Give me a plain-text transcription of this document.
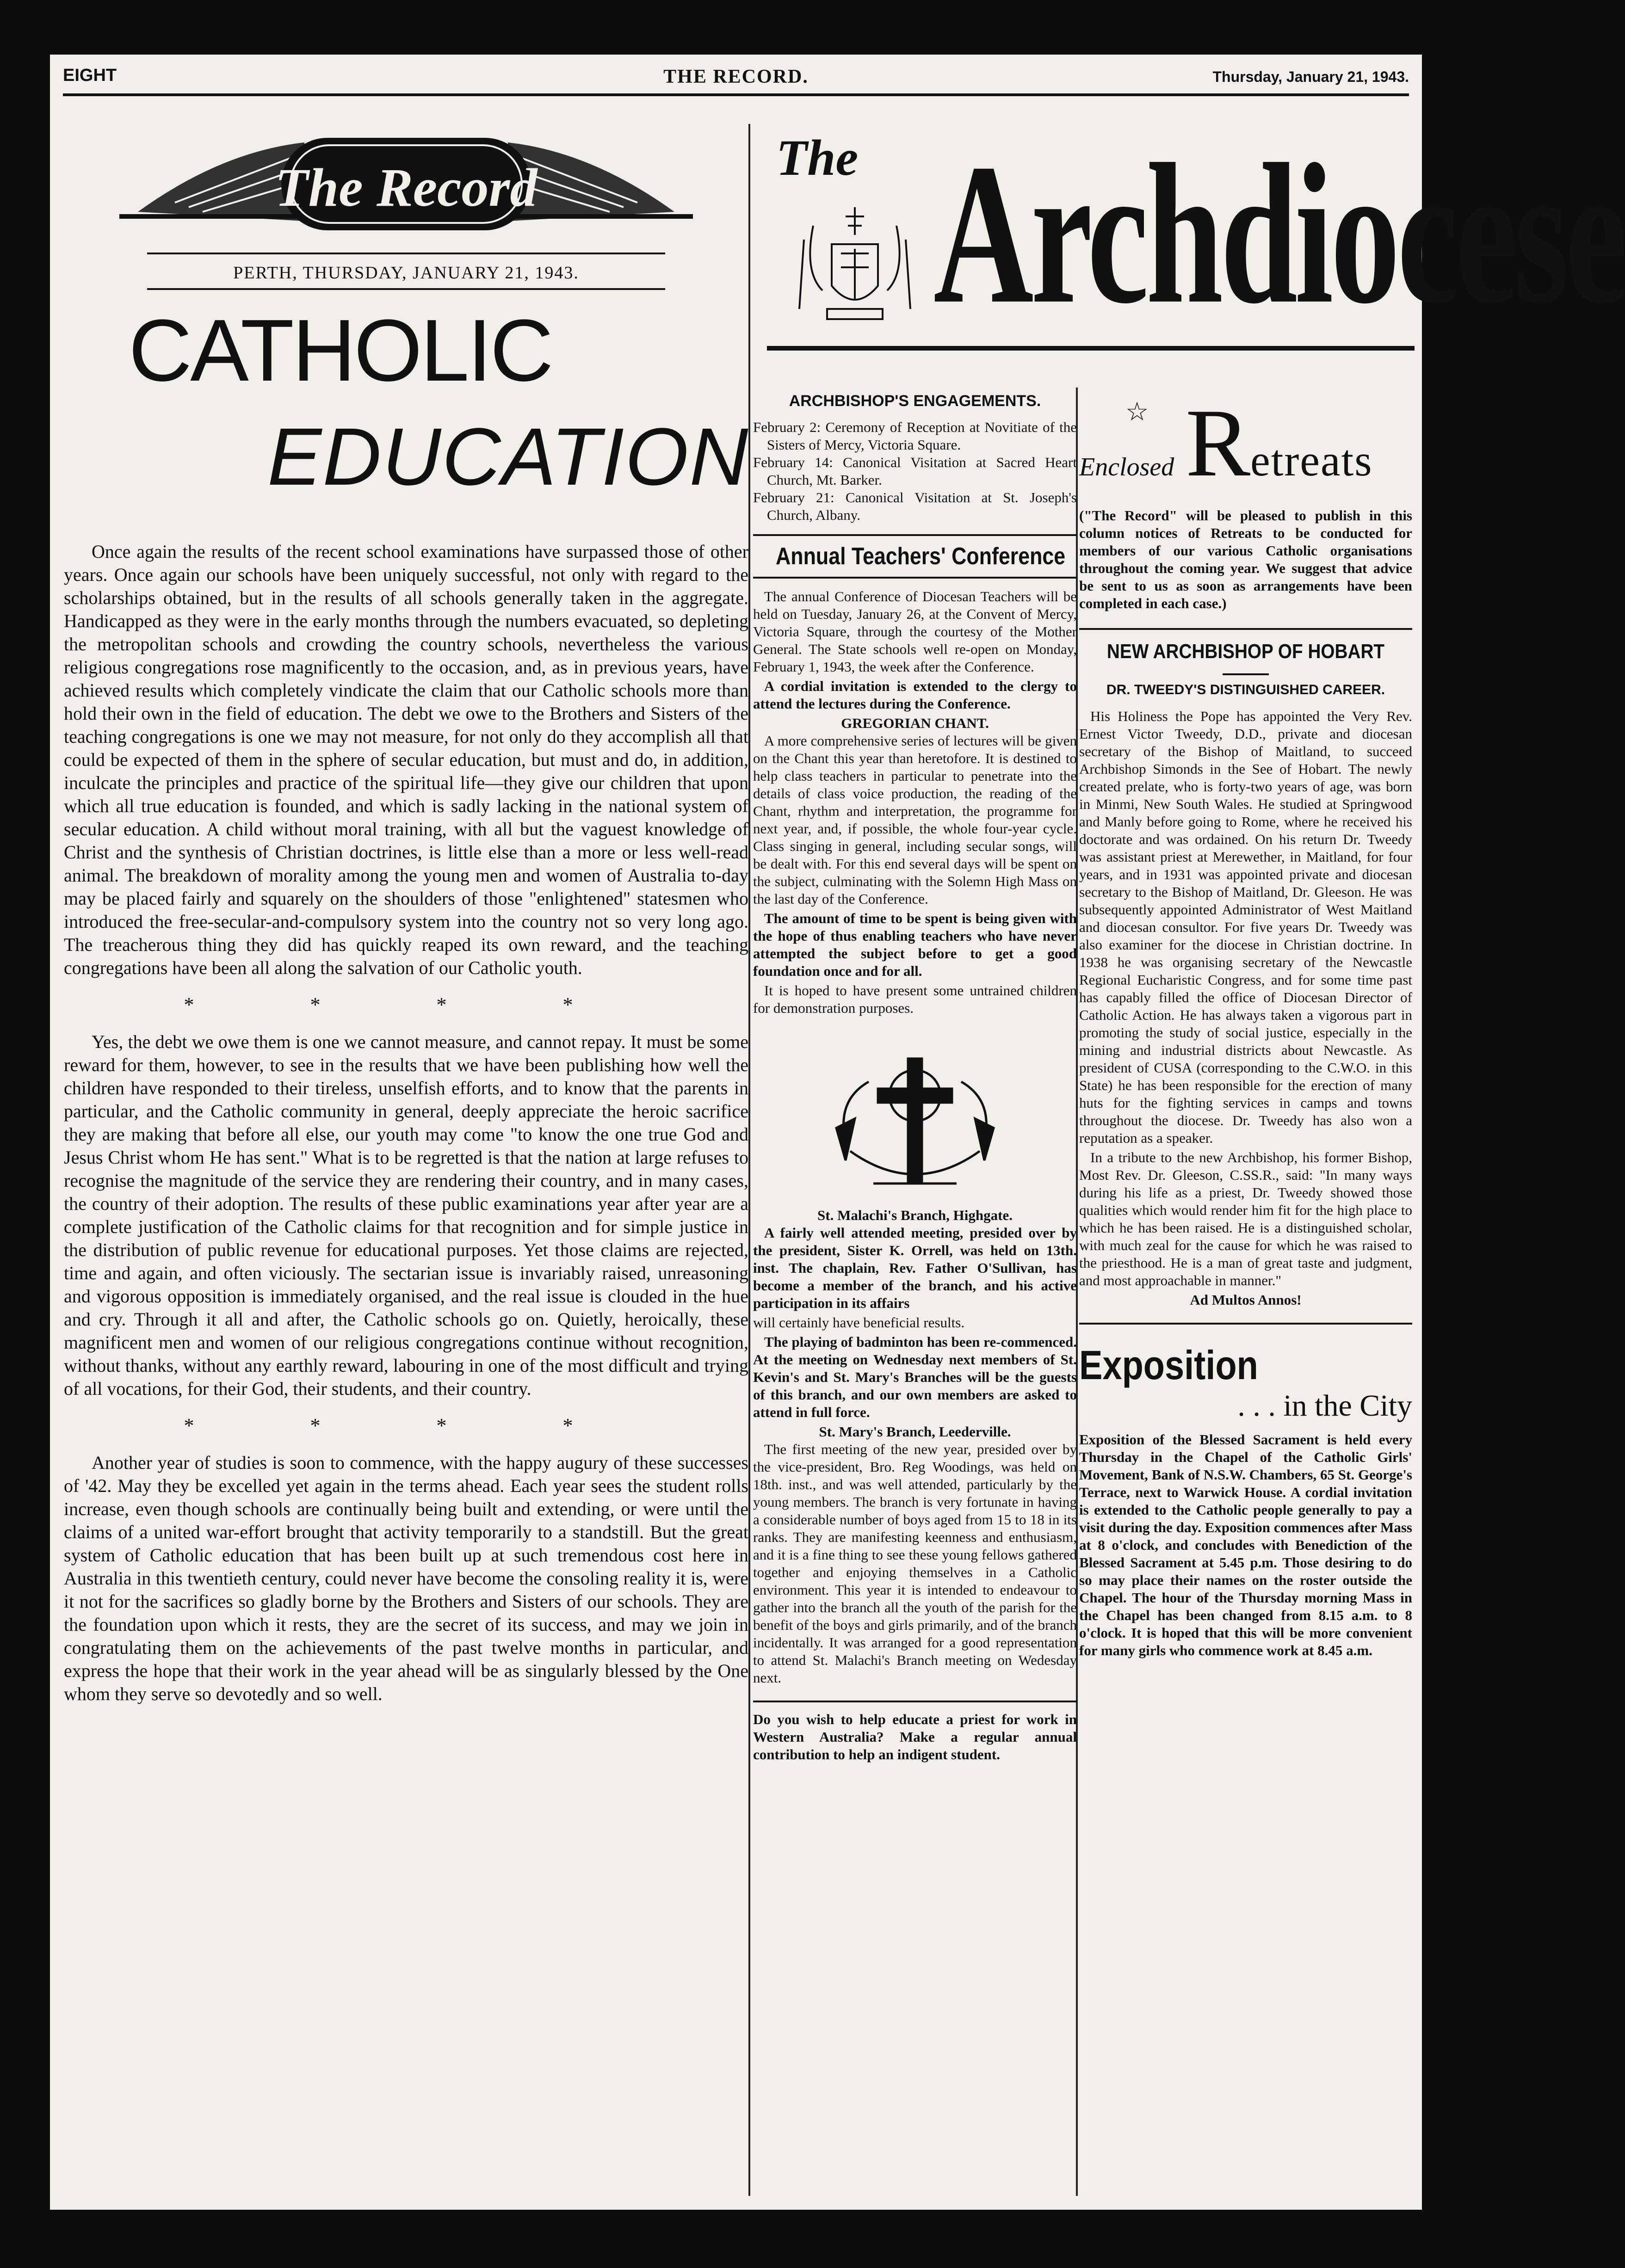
EIGHT	THE RECORD.	Thursday, January 21, 1943.
The Record
PERTH, THURSDAY, JANUARY 21, 1943.
CATHOLIC
EDUCATION

Once again the results of the recent school examinations have surpassed those of other years. Once again our schools have been uniquely successful, not only with regard to the scholarships obtained, but in the results of all schools generally taken in the aggregate. Handicapped as they were in the early months through the numbers evacuated, so depleting the metropolitan schools and crowding the country schools, nevertheless the various religious congregations rose magnificently to the occasion, and, as in previous years, have achieved results which completely vindicate the claim that our Catholic schools more than hold their own in the field of education. The debt we owe to the Brothers and Sisters of the teaching congregations is one we may not measure, for not only do they accomplish all that could be expected of them in the sphere of secular education, but must and do, in addition, inculcate the principles and practice of the spiritual life—they give our children that upon which all true education is founded, and which is sadly lacking in the national system of secular education. A child without moral training, with all but the vaguest knowledge of Christ and the synthesis of Christian doctrines, is little else than a more or less well-read animal. The breakdown of morality among the young men and women of Australia to-day may be placed fairly and squarely on the shoulders of those "enlightened" statesmen who introduced the free-secular-and-compulsory system into the country not so very long ago. The treacherous thing they did has quickly reaped its own reward, and the teaching congregations have been all along the salvation of our Catholic youth.

* * * *

Yes, the debt we owe them is one we cannot measure, and cannot repay. It must be some reward for them, however, to see in the results that we have been publishing how well the children have responded to their tireless, unselfish efforts, and to know that the parents in particular, and the Catholic community in general, deeply appreciate the heroic sacrifice they are making that before all else, our youth may come "to know the one true God and Jesus Christ whom He has sent." What is to be regretted is that the nation at large refuses to recognise the magnitude of the service they are rendering their country, and in many cases, the country of their adoption. The results of these public examinations year after year are a complete justification of the Catholic claims for that recognition and for simple justice in the distribution of public revenue for educational purposes. Yet those claims are rejected, time and again, and often viciously. The sectarian issue is invariably raised, unreasoning and vigorous opposition is immediately organised, and the real issue is clouded in the hue and cry. Through it all and after, the Catholic schools go on. Quietly, heroically, these magnificent men and women of our religious congregations continue without recognition, without thanks, without any earthly reward, labouring in one of the most difficult and trying of all vocations, for their God, their students, and their country.

* * * *

Another year of studies is soon to commence, with the happy augury of these successes of '42. May they be excelled yet again in the terms ahead. Each year sees the student rolls increase, even though schools are continually being built and extending, or were until the claims of a united war-effort brought that activity temporarily to a standstill. But the great system of Catholic education that has been built up at such tremendous cost here in Australia in this twentieth century, could never have become the consoling reality it is, were it not for the sacrifices so gladly borne by the Brothers and Sisters of our schools. They are the foundation upon which it rests, they are the secret of its success, and may we join in congratulating them on the achievements of the past twelve months in particular, and express the hope that their work in the year ahead will be as singularly blessed by the One whom they serve so devotedly and so well.

The Archdiocese
ARCHBISHOP'S ENGAGEMENTS.
February 2: Ceremony of Reception at Novitiate of the Sisters of Mercy, Victoria Square.
February 14: Canonical Visitation at Sacred Heart Church, Mt. Barker.
February 21: Canonical Visitation at St. Joseph's Church, Albany.
Annual Teachers' Conference

The annual Conference of Diocesan Teachers will be held on Tuesday, January 26, at the Convent of Mercy, Victoria Square, through the courtesy of the Mother General. The State schools well re-open on Monday, February 1, 1943, the week after the Conference.

A cordial invitation is extended to the clergy to attend the lectures during the Conference.

GREGORIAN CHANT.

A more comprehensive series of lectures will be given on the Chant this year than heretofore. It is destined to help class teachers in particular to penetrate into the details of class voice production, the reading of the Chant, rhythm and interpretation, the programme for next year, and, if possible, the whole four-year cycle. Class singing in general, including secular songs, will be dealt with. For this end several days will be spent on the subject, culminating with the Solemn High Mass on the last day of the Conference.

The amount of time to be spent is being given with the hope of thus enabling teachers who have never attempted the subject before to get a good foundation once and for all.

It is hoped to have present some untrained children for demonstration purposes.

St. Malachi's Branch, Highgate.

A fairly well attended meeting, presided over by the president, Sister K. Orrell, was held on 13th. inst. The chaplain, Rev. Father O'Sullivan, has become a member of the branch, and his active participation in its affairs

will certainly have beneficial results.

The playing of badminton has been re-commenced. At the meeting on Wednesday next members of St. Kevin's and St. Mary's Branches will be the guests of this branch, and our own members are asked to attend in full force.

St. Mary's Branch, Leederville.

The first meeting of the new year, presided over by the vice-president, Bro. Reg Woodings, was held on 18th. inst., and was well attended, particularly by the young members. The branch is very fortunate in having a considerable number of boys aged from 15 to 18 in its ranks. They are manifesting keenness and enthusiasm, and it is a fine thing to see these young fellows gathered together and enjoying themselves in a Catholic environment. This year it is intended to endeavour to gather into the branch all the youth of the parish for the benefit of the boys and girls primarily, and of the branch incidentally. It was arranged for a good representation to attend St. Malachi's Branch meeting on Wedesday next.

Do you wish to help educate a priest for work in Western Australia? Make a regular annual contribution to help an indigent student.
☆
Enclosed Retreats
("The Record" will be pleased to publish in this column notices of Retreats to be conducted for members of our various Catholic organisations throughout the coming year. We suggest that advice be sent to us as soon as arrangements have been completed in each case.)
NEW ARCHBISHOP OF HOBART
DR. TWEEDY'S DISTINGUISHED CAREER.

His Holiness the Pope has appointed the Very Rev. Ernest Victor Tweedy, D.D., private and diocesan secretary of the Bishop of Maitland, to succeed Archbishop Simonds in the See of Hobart. The newly created prelate, who is forty-two years of age, was born in Minmi, New South Wales. He studied at Springwood and Manly before going to Rome, where he received his doctorate and was ordained. On his return Dr. Tweedy was assistant priest at Merewether, in Maitland, for four years, and in 1931 was appointed private and diocesan secretary to the Bishop of Maitland, Dr. Gleeson. He was subsequently appointed Administrator of West Maitland and diocesan consultor. For five years Dr. Tweedy was also examiner for the diocese in Christian doctrine. In 1938 he was organising secretary of the Newcastle Regional Eucharistic Congress, and for some time past has capably filled the office of Diocesan Director of Catholic Action. He has always taken a vigorous part in promoting the study of social justice, especially in the mining and industrial districts about Newcastle. As president of CUSA (corresponding to the C.W.O. in this State) he has been responsible for the erection of many huts for the fighting services in camps and towns throughout the diocese. Dr. Tweedy has also won a reputation as a speaker.

In a tribute to the new Archbishop, his former Bishop, Most Rev. Dr. Gleeson, C.SS.R., said: "In many ways during his life as a priest, Dr. Tweedy showed those qualities which would render him fit for the high place to which he has been raised. He is a distinguished scholar, with much zeal for the cause for which he was raised to the priesthood. He is a man of great taste and judgment, and most approachable in manner."

Ad Multos Annos!
Exposition
. . . in the City
Exposition of the Blessed Sacrament is held every Thursday in the Chapel of the Catholic Girls' Movement, Bank of N.S.W. Chambers, 65 St. George's Terrace, next to Warwick House. A cordial invitation is extended to the Catholic people generally to pay a visit during the day. Exposition commences after Mass at 8 o'clock, and concludes with Benediction of the Blessed Sacrament at 5.45 p.m. Those desiring to do so may place their names on the roster outside the Chapel. The hour of the Thursday morning Mass in the Chapel has been changed from 8.15 a.m. to 8 o'clock. It is hoped that this will be more convenient for many girls who commence work at 8.45 a.m.
